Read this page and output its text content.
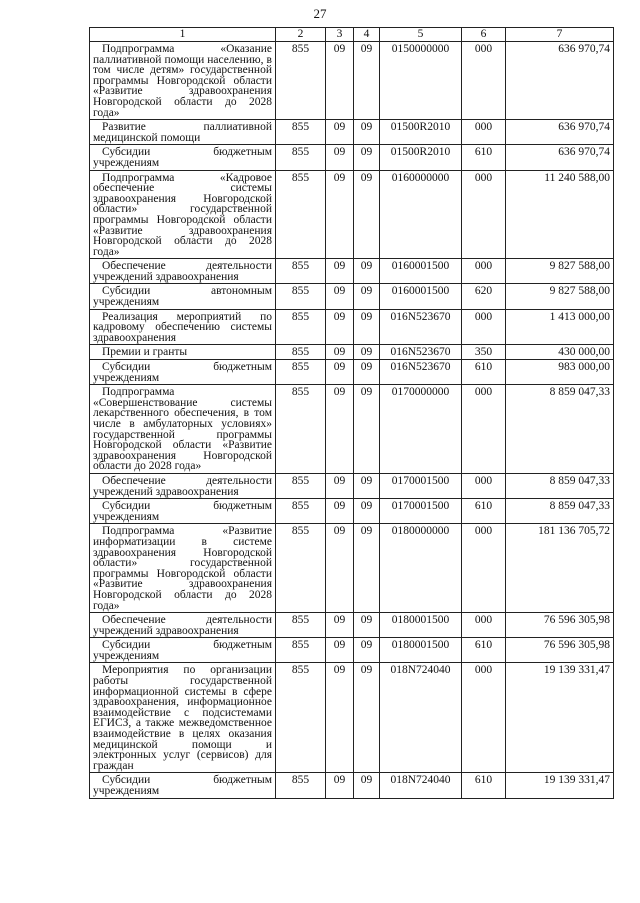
27
1	2	3	4	5	6	7
Подпрограмма «Оказание паллиативной помощи населению, в том числе детям» государственной программы Новгородской области «Развитие здравоохранения Новгородской области до 2028 года»	855	09	09	0150000000	000	636 970,74
Развитие паллиативной медицинской помощи	855	09	09	01500R2010	000	636 970,74
Субсидии бюджетным учреждениям	855	09	09	01500R2010	610	636 970,74
Подпрограмма «Кадровое обеспечение системы здравоохранения Новгородской области» государственной программы Новгородской области «Развитие здравоохранения Новгородской области до 2028 года»	855	09	09	0160000000	000	11 240 588,00
Обеспечение деятельности учреждений здравоохранения	855	09	09	0160001500	000	9 827 588,00
Субсидии автономным учреждениям	855	09	09	0160001500	620	9 827 588,00
Реализация мероприятий по кадровому обеспечению системы здравоохранения	855	09	09	016N523670	000	1 413 000,00
Премии и гранты	855	09	09	016N523670	350	430 000,00
Субсидии бюджетным учреждениям	855	09	09	016N523670	610	983 000,00
Подпрограмма «Совершенствование системы лекарственного обеспечения, в том числе в амбулаторных условиях» государственной программы Новгородской области «Развитие здравоохранения Новгородской области до 2028 года»	855	09	09	0170000000	000	8 859 047,33
Обеспечение деятельности учреждений здравоохранения	855	09	09	0170001500	000	8 859 047,33
Субсидии бюджетным учреждениям	855	09	09	0170001500	610	8 859 047,33
Подпрограмма «Развитие информатизации в системе здравоохранения Новгородской области» государственной программы Новгородской области «Развитие здравоохранения Новгородской области до 2028 года»	855	09	09	0180000000	000	181 136 705,72
Обеспечение деятельности учреждений здравоохранения	855	09	09	0180001500	000	76 596 305,98
Субсидии бюджетным учреждениям	855	09	09	0180001500	610	76 596 305,98
Мероприятия по организации работы государственной информационной системы в сфере здравоохранения, информационное взаимодействие с подсистемами ЕГИСЗ, а также межведомственное взаимодействие в целях оказания медицинской помощи и электронных услуг (сервисов) для граждан	855	09	09	018N724040	000	19 139 331,47
Субсидии бюджетным учреждениям	855	09	09	018N724040	610	19 139 331,47
